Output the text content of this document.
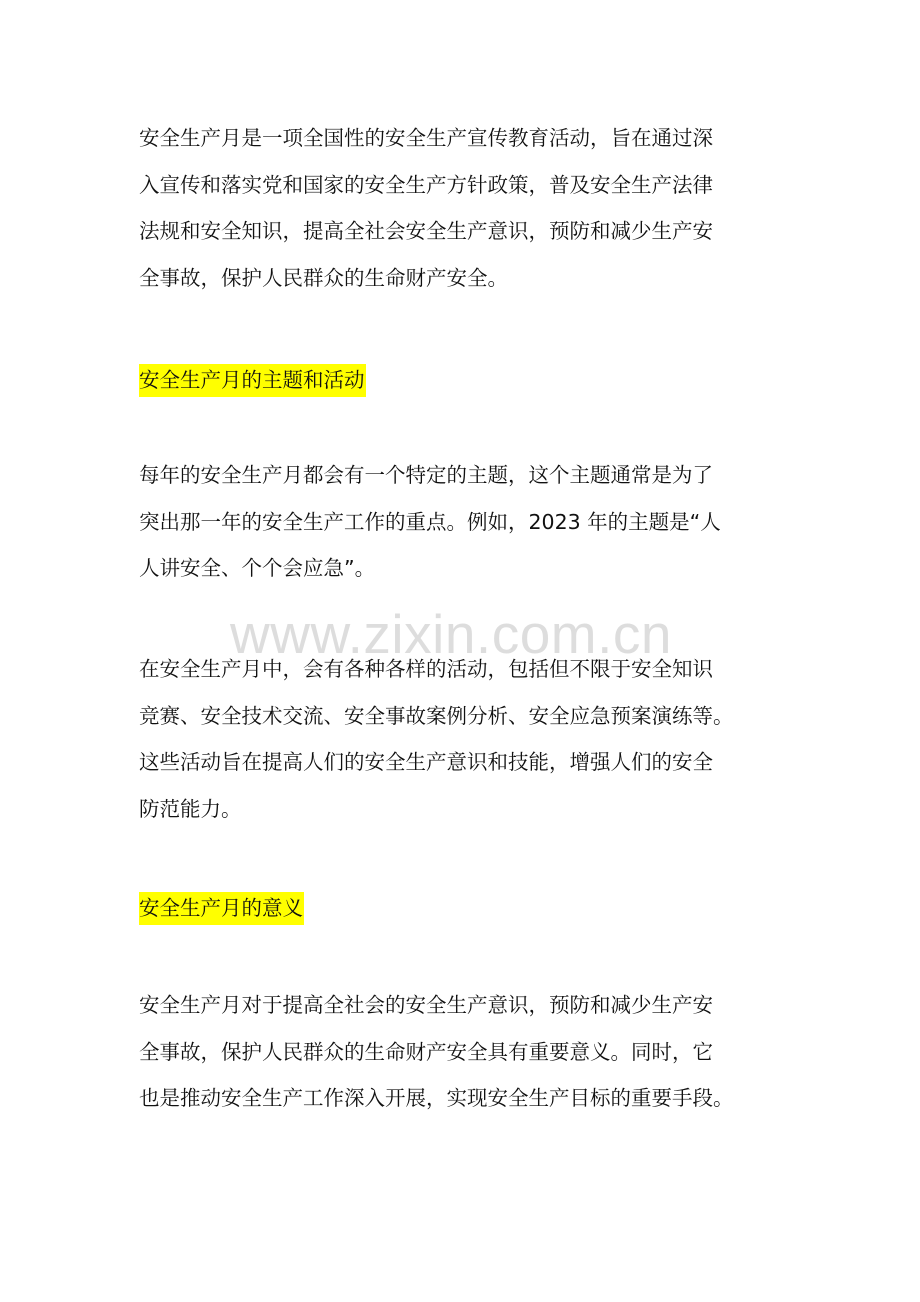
安全生产月是一项全国性的安全生产宣传教育活动，旨在通过深
入宣传和落实党和国家的安全生产方针政策，普及安全生产法律
法规和安全知识，提高全社会安全生产意识，预防和减少生产安
全事故，保护人民群众的生命财产安全。
安全生产月的主题和活动
每年的安全生产月都会有一个特定的主题，这个主题通常是为了
突出那一年的安全生产工作的重点。例如，2023 年的主题是“人
人讲安全、个个会应急”。
www.zixin.com.cn
在安全生产月中，会有各种各样的活动，包括但不限于安全知识
竞赛、安全技术交流、安全事故案例分析、安全应急预案演练等。
这些活动旨在提高人们的安全生产意识和技能，增强人们的安全
防范能力。
安全生产月的意义
安全生产月对于提高全社会的安全生产意识，预防和减少生产安
全事故，保护人民群众的生命财产安全具有重要意义。同时，它
也是推动安全生产工作深入开展，实现安全生产目标的重要手段。
